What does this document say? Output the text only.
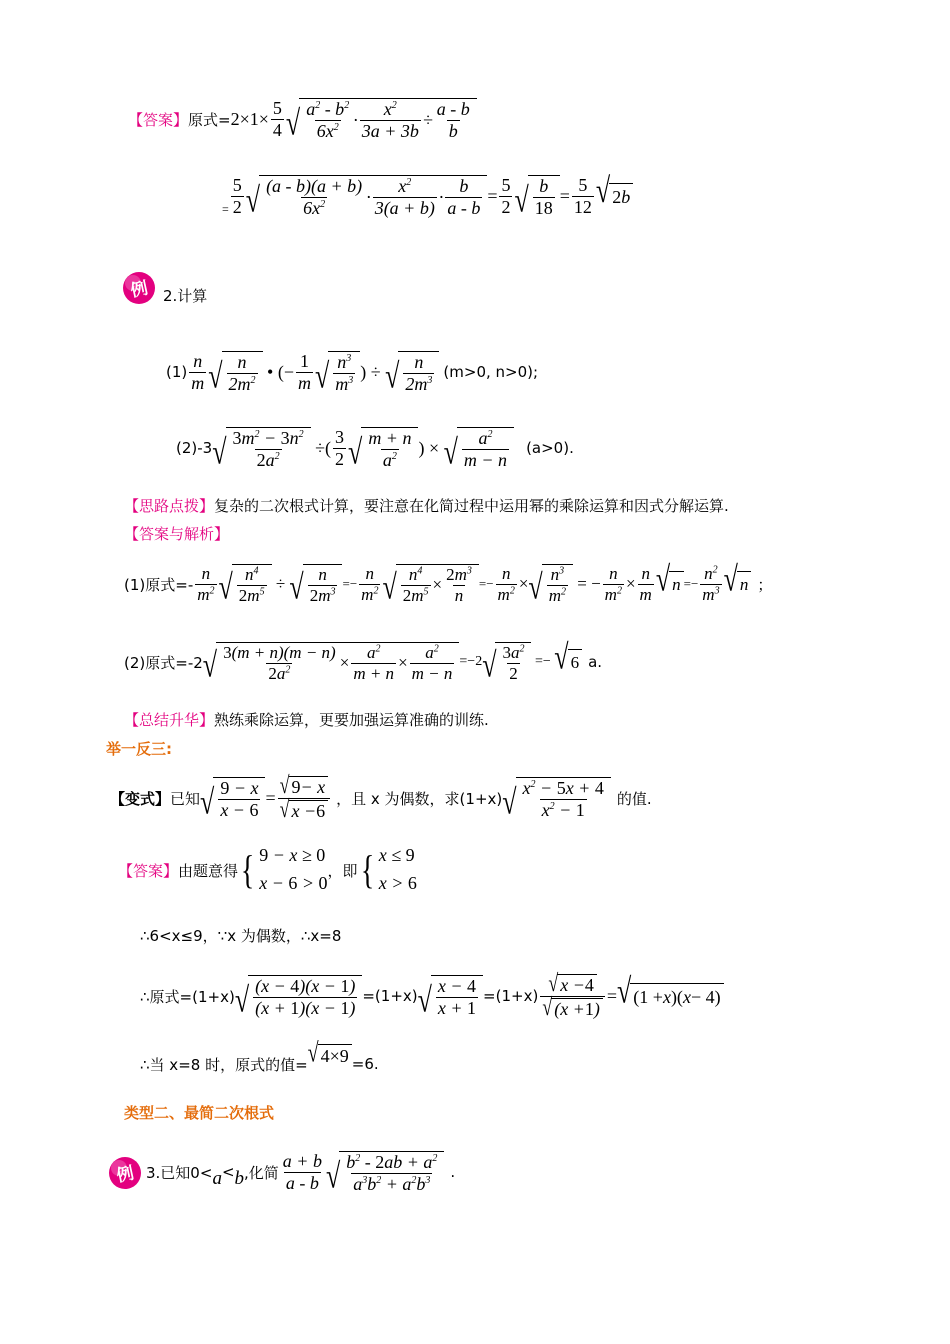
【答案】 原式= $2\times 1\times \frac{5}{4}$ √ $\frac{a^2 - b^2}{6x^2} \cdot \frac{x^2}{3a + 3b} \div \frac{a - b}{b}$
= $\frac{5}{2}$ √ $\frac{(a - b)(a + b)}{6x^2} \cdot \frac{x^2}{3(a + b)} \cdot \frac{b}{a - b} = \frac{5}{2}$ √ $\frac{b}{18} = \frac{5}{12}$ √ 2 b
例 2.计算
$(1) \frac{n}{m}$ √ $\frac{n}{2m^2}$ • (− $\frac{1}{m}$ √ $\frac{n^3}{m^3}$ ) ÷ √ $\frac{n}{2m^3} (m>0$, n>0);
(2)-3 √ $\frac{3m^2 - 3n^2}{2a^2}$ ÷( $\frac{3}{2}$ √ $\frac{m + n}{a^2}$ ) × √ $\frac{a^2}{m - n} (a>0)$.
【思路点拨】 复杂的二次根式计算，要注意在化简过程中运用幂的乘除运算和因式分解运算.
【答案与解析】
(1)原式=- $\frac{n}{m^2}$ √ $\frac{n^4}{2m^5}$ ÷ √ $\frac{n}{2m^3} =- \frac{n}{m^2}$ √ $\frac{n^4}{2m^5} \times \frac{2m^3}{n} =- \frac{n}{m^2}$ × √ $\frac{n^3}{m^2}$ = − $\frac{n}{m^2} \times \frac{n}{m}$ √ $n =- \frac{n^2}{m^3}$ √ n ；
(2)原式=-2 √ $\frac{3(m + n)(m - n)}{2a^2} \times \frac{a^2}{m + n} \times \frac{a^2}{m - n} =-2$ √ $\frac{3a^2}{2}$ =− √ 6 a.
【总结升华】 熟练乘除运算，更要加强运算准确的训练.
举一反三:
【变式】 已知 √ $\frac{9 - x}{x - 6} = \frac{√ 9 - x}{√ x - 6}$ ，且 x 为偶数，求(1+x) √ $\frac{x^2 - 5x + 4}{x^2 - 1}$ 的值.
【答案】 由题意得 { 9 − x ≥ 0
x − 6 > 0
，即 { x ≤ 9
x > 6
∴6<x≤9，∵x 为偶数，∴x=8
∴原式=(1+x) √ $\frac{(x - 4)(x - 1)}{(x + 1)(x - 1)} =(1+x)$ √ $\frac{x - 4}{x + 1} =(1+x) \frac{√ x - 4}{√ (x + 1 )}$ = √ (1 + x )( x − 4)
∴当 x=8 时，原式的值= √ 4×9 =6.
类型二、最简二次根式
例 3.已知0< a < b ,化简 $\frac{a + b}{a - b}$ √ $\frac{b^2 - 2ab + a^2}{a^3b^2 + a^2b^3}$ .
